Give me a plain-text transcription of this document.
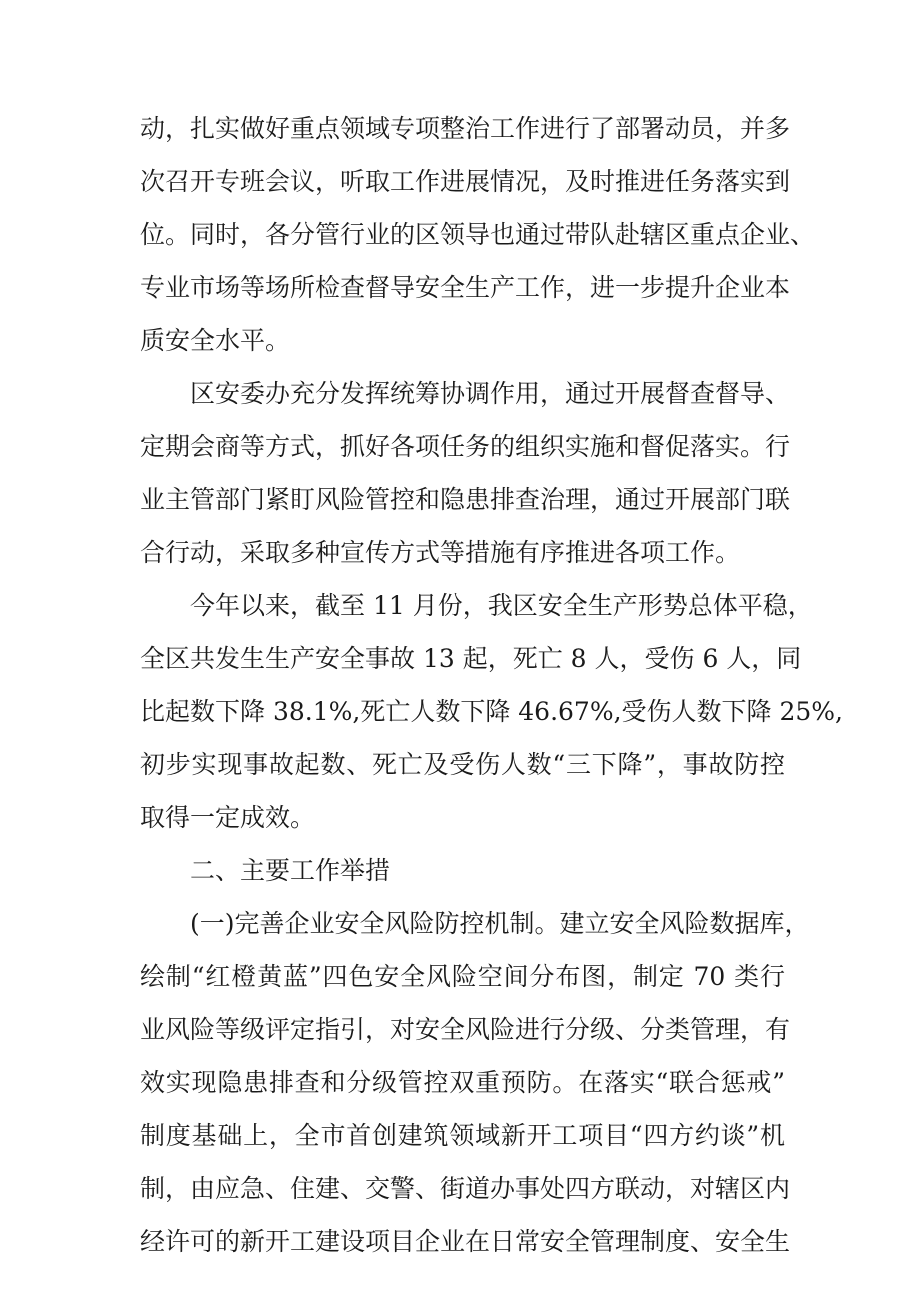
动，扎实做好重点领域专项整治工作进行了部署动员，并多
次召开专班会议，听取工作进展情况，及时推进任务落实到
位。同时，各分管行业的区领导也通过带队赴辖区重点企业、
专业市场等场所检查督导安全生产工作，进一步提升企业本
质安全水平。
区安委办充分发挥统筹协调作用，通过开展督查督导、
定期会商等方式，抓好各项任务的组织实施和督促落实。行
业主管部门紧盯风险管控和隐患排查治理，通过开展部门联
合行动，采取多种宣传方式等措施有序推进各项工作。
今年以来，截至 11 月份，我区安全生产形势总体平稳，
全区共发生生产安全事故 13 起，死亡 8 人，受伤 6 人，同
比起数下降 38.1%,死亡人数下降 46.67%,受伤人数下降 25%,
初步实现事故起数、死亡及受伤人数“三下降”，事故防控
取得一定成效。
二、主要工作举措
(一)完善企业安全风险防控机制。建立安全风险数据库，
绘制“红橙黄蓝”四色安全风险空间分布图，制定 70 类行
业风险等级评定指引，对安全风险进行分级、分类管理，有
效实现隐患排查和分级管控双重预防。在落实“联合惩戒”
制度基础上，全市首创建筑领域新开工项目“四方约谈”机
制，由应急、住建、交警、街道办事处四方联动，对辖区内
经许可的新开工建设项目企业在日常安全管理制度、安全生
